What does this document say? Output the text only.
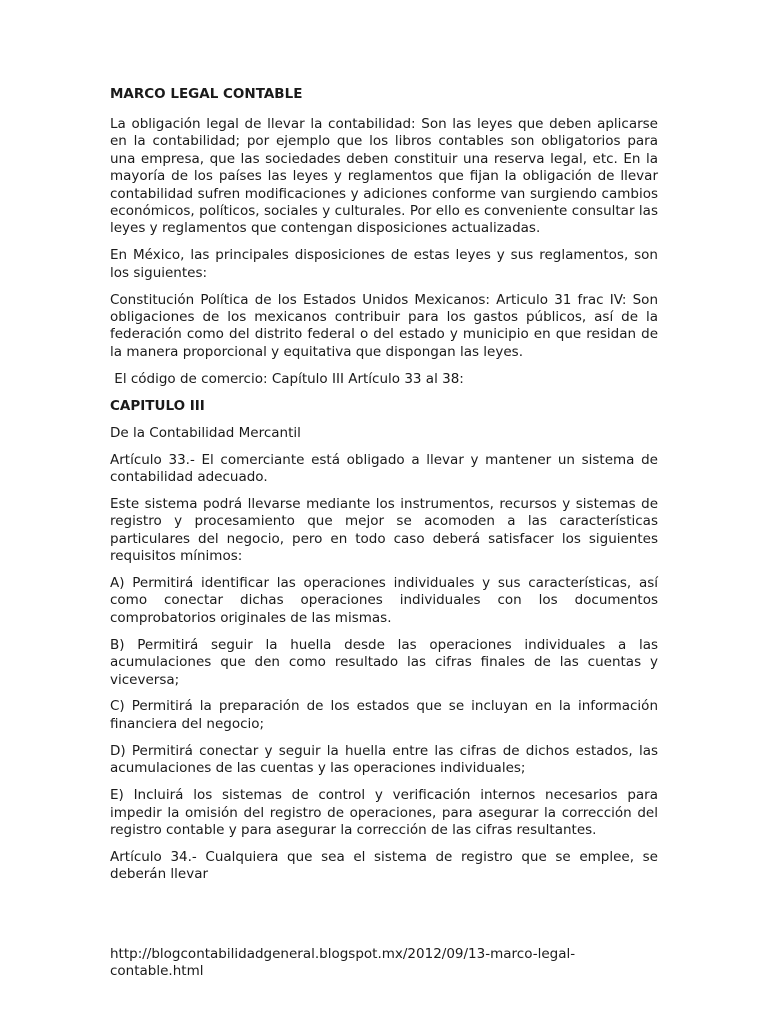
MARCO LEGAL CONTABLE

La obligación legal de llevar la contabilidad: Son las leyes que deben aplicarse en la contabilidad; por ejemplo que los libros contables son obligatorios para una empresa, que las sociedades deben constituir una reserva legal, etc. En la mayoría de los países las leyes y reglamentos que fijan la obligación de llevar contabilidad sufren modificaciones y adiciones conforme van surgiendo cambios económicos, políticos, sociales y culturales. Por ello es conveniente consultar las leyes y reglamentos que contengan disposiciones actualizadas.

En México, las principales disposiciones de estas leyes y sus reglamentos, son los siguientes:

Constitución Política de los Estados Unidos Mexicanos: Articulo 31 frac IV: Son obligaciones de los mexicanos contribuir para los gastos públicos, así de la federación como del distrito federal o del estado y municipio en que residan de la manera proporcional y equitativa que dispongan las leyes.

El código de comercio: Capítulo III Artículo 33 al 38:

CAPITULO III

De la Contabilidad Mercantil

Artículo 33.- El comerciante está obligado a llevar y mantener un sistema de contabilidad adecuado.

Este sistema podrá llevarse mediante los instrumentos, recursos y sistemas de registro y procesamiento que mejor se acomoden a las características particulares del negocio, pero en todo caso deberá satisfacer los siguientes requisitos mínimos:

A) Permitirá identificar las operaciones individuales y sus características, así como conectar dichas operaciones individuales con los documentos comprobatorios originales de las mismas.

B) Permitirá seguir la huella desde las operaciones individuales a las acumulaciones que den como resultado las cifras finales de las cuentas y viceversa;

C) Permitirá la preparación de los estados que se incluyan en la información financiera del negocio;

D) Permitirá conectar y seguir la huella entre las cifras de dichos estados, las acumulaciones de las cuentas y las operaciones individuales;

E) Incluirá los sistemas de control y verificación internos necesarios para impedir la omisión del registro de operaciones, para asegurar la corrección del registro contable y para asegurar la corrección de las cifras resultantes.

Artículo 34.- Cualquiera que sea el sistema de registro que se emplee, se deberán llevar

http://blogcontabilidadgeneral.blogspot.mx/2012/09/13-marco-legal-contable.html
